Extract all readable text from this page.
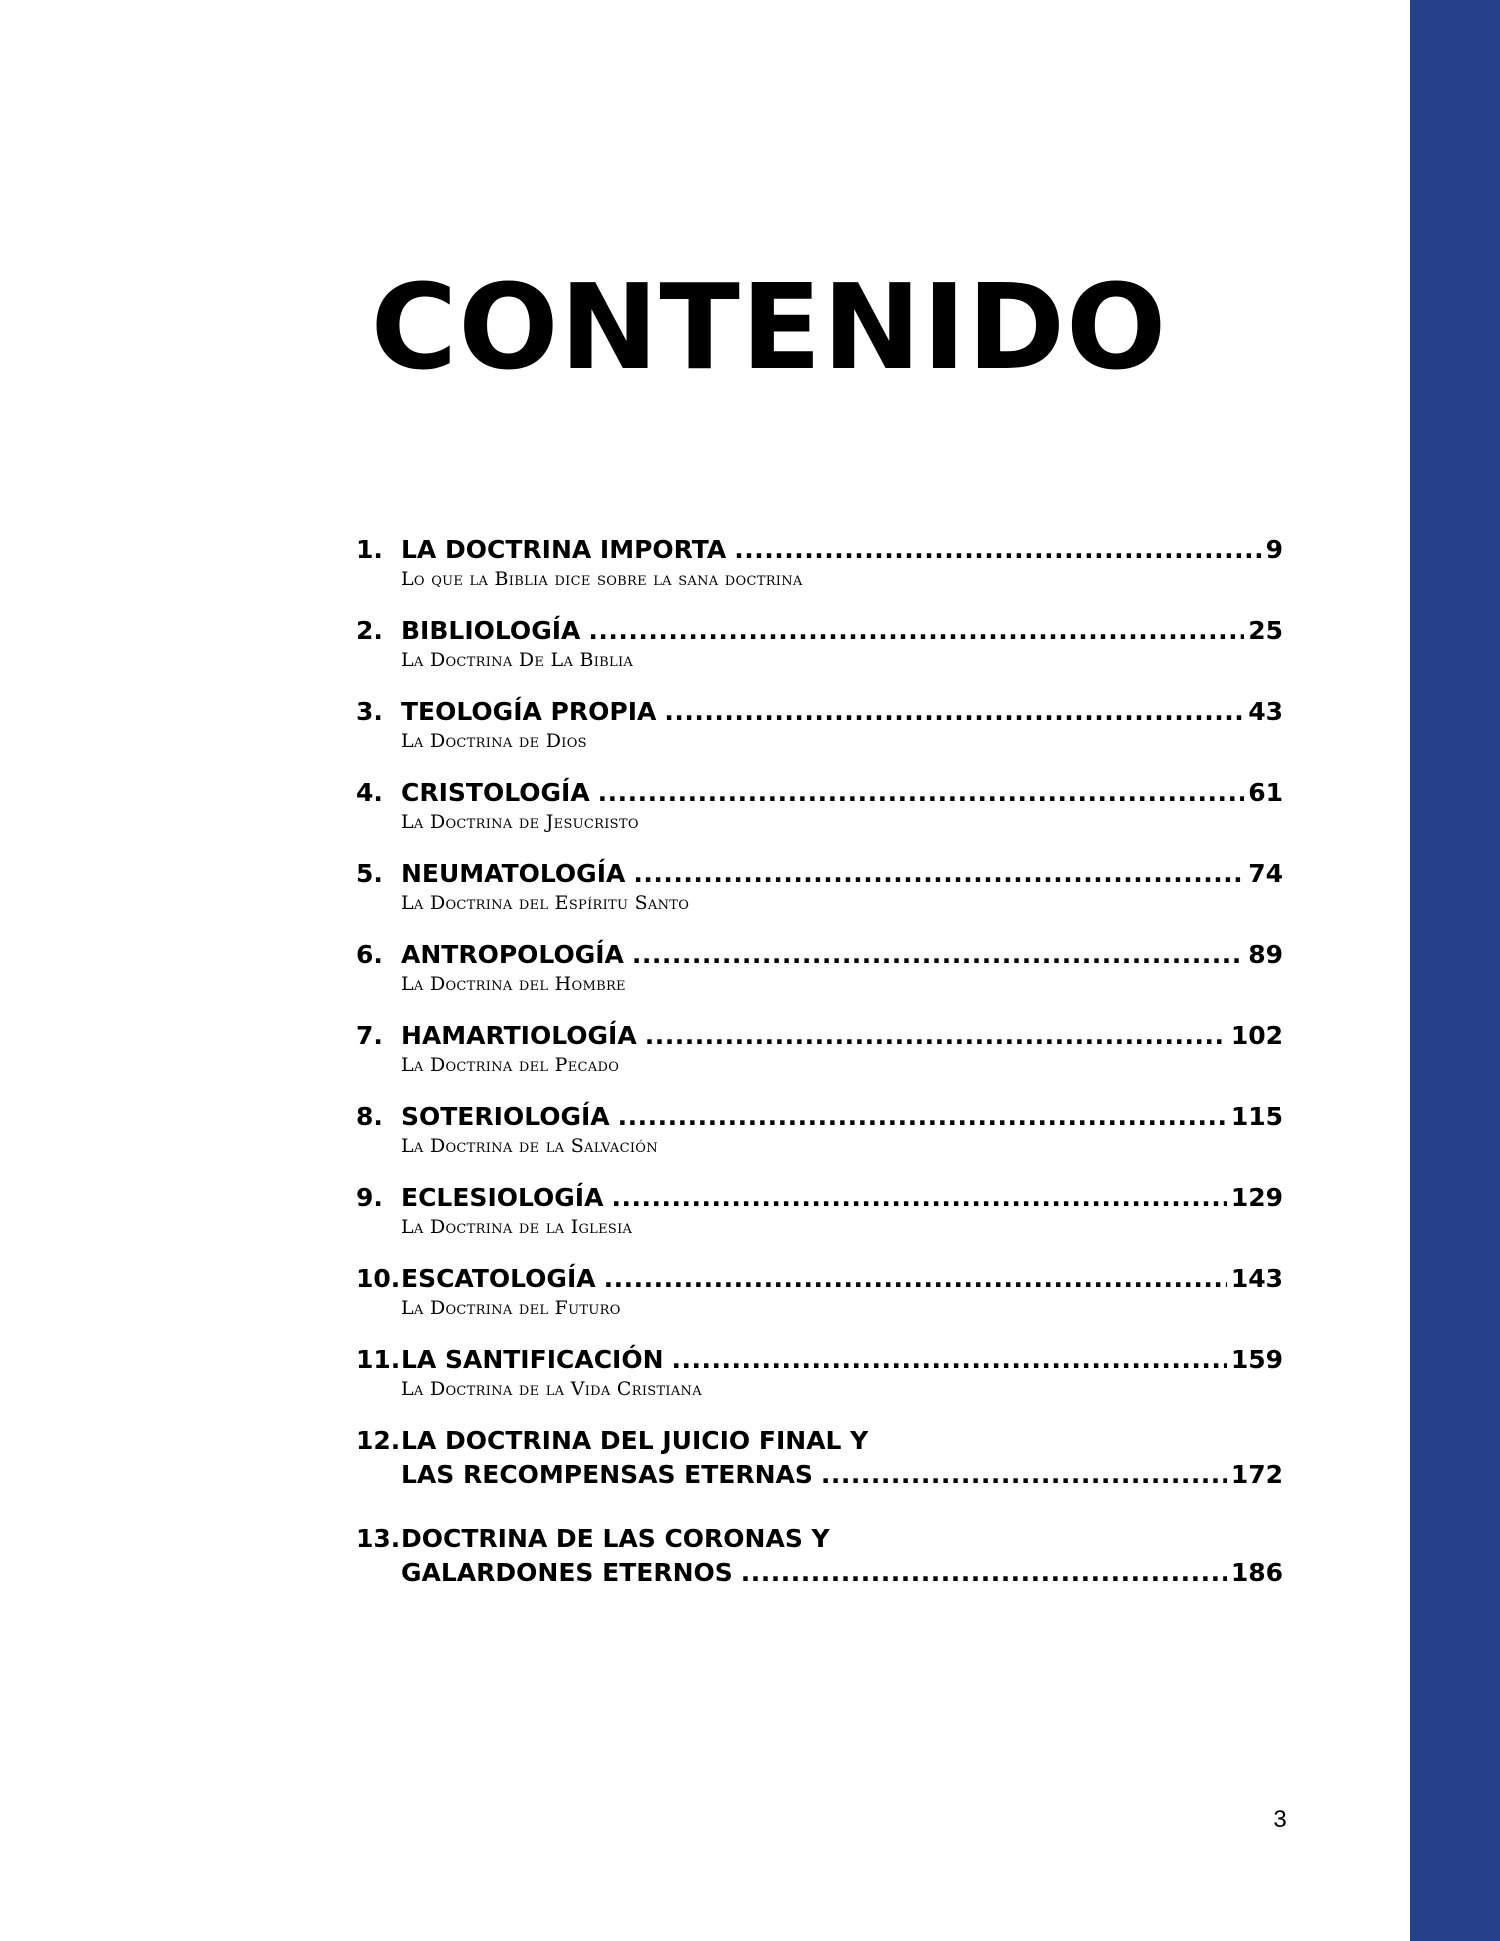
CONTENIDO
1. LA DOCTRINA IMPORTA .....	9
Lo que la Biblia dice sobre la sana doctrina
2. BIBLIOLOGÍA .....	25
La Doctrina De La Biblia
3. TEOLOGÍA PROPIA .....	43
La Doctrina de Dios
4. CRISTOLOGÍA .....	61
La Doctrina de Jesucristo
5. NEUMATOLOGÍA .....	74
La Doctrina del Espíritu Santo
6. ANTROPOLOGÍA .....	89
La Doctrina del Hombre
7. HAMARTIOLOGÍA .....	102
La Doctrina del Pecado
8. SOTERIOLOGÍA .....	115
La Doctrina de la Salvación
9. ECLESIOLOGÍA .....	129
La Doctrina de la Iglesia
10. ESCATOLOGÍA .....	143
La Doctrina del Futuro
11. LA SANTIFICACIÓN .....	159
La Doctrina de la Vida Cristiana
12. LA DOCTRINA DEL JUICIO FINAL Y
LAS RECOMPENSAS ETERNAS .....	172
13. DOCTRINA DE LAS CORONAS Y
GALARDONES ETERNOS .....	186
3
